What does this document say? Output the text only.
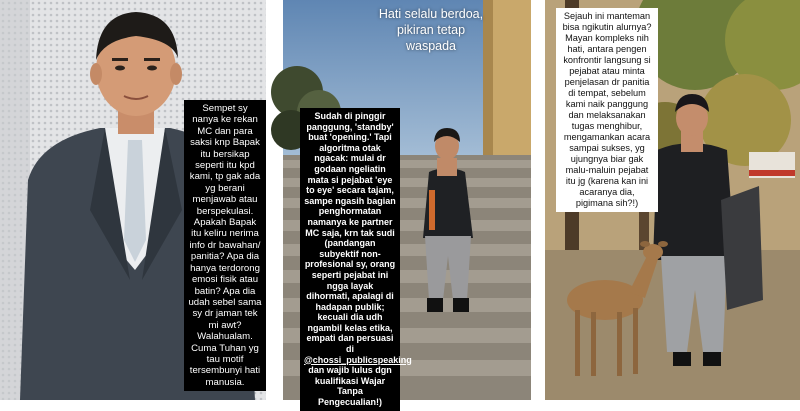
Sempet sy nanya ke rekan MC dan para saksi knp Bapak itu bersikap seperti itu kpd kami, tp gak ada yg berani menjawab atau berspekulasi. Apakah Bapak itu keliru nerima info dr bawahan/ panitia? Apa dia hanya terdorong emosi fisik atau batin? Apa dia udah sebel sama sy dr jaman tek mi awt? Walahualam. Cuma Tuhan yg tau motif tersembunyi hati manusia.

Hati selalu berdoa, pikiran tetap waspada

Sudah di pinggir panggung, 'standby' buat 'opening.' Tapi algoritma otak ngacak: mulai dr godaan ngeliatin mata si pejabat 'eye to eye' secara tajam, sampe ngasih bagian penghormatan namanya ke partner MC saja, krn tak sudi (pandangan subyektif non-profesional sy, orang seperti pejabat ini ngga layak dihormati, apalagi di hadapan publik; kecuali dia udh ngambil kelas etika, empati dan persuasi di
@chossi_publicspeaking
dan wajib lulus dgn kualifikasi Wajar Tanpa Pengecualian!)

Sejauh ini manteman bisa ngikutin alurnya? Mayan kompleks nih hati, antara pengen konfrontir langsung si pejabat atau minta penjelasan dr panitia di tempat, sebelum kami naik panggung dan melaksanakan tugas menghibur, mengamankan acara sampai sukses, yg ujungnya biar gak malu-maluin pejabat itu jg (karena kan ini acaranya dia, pigimana sih?!)
